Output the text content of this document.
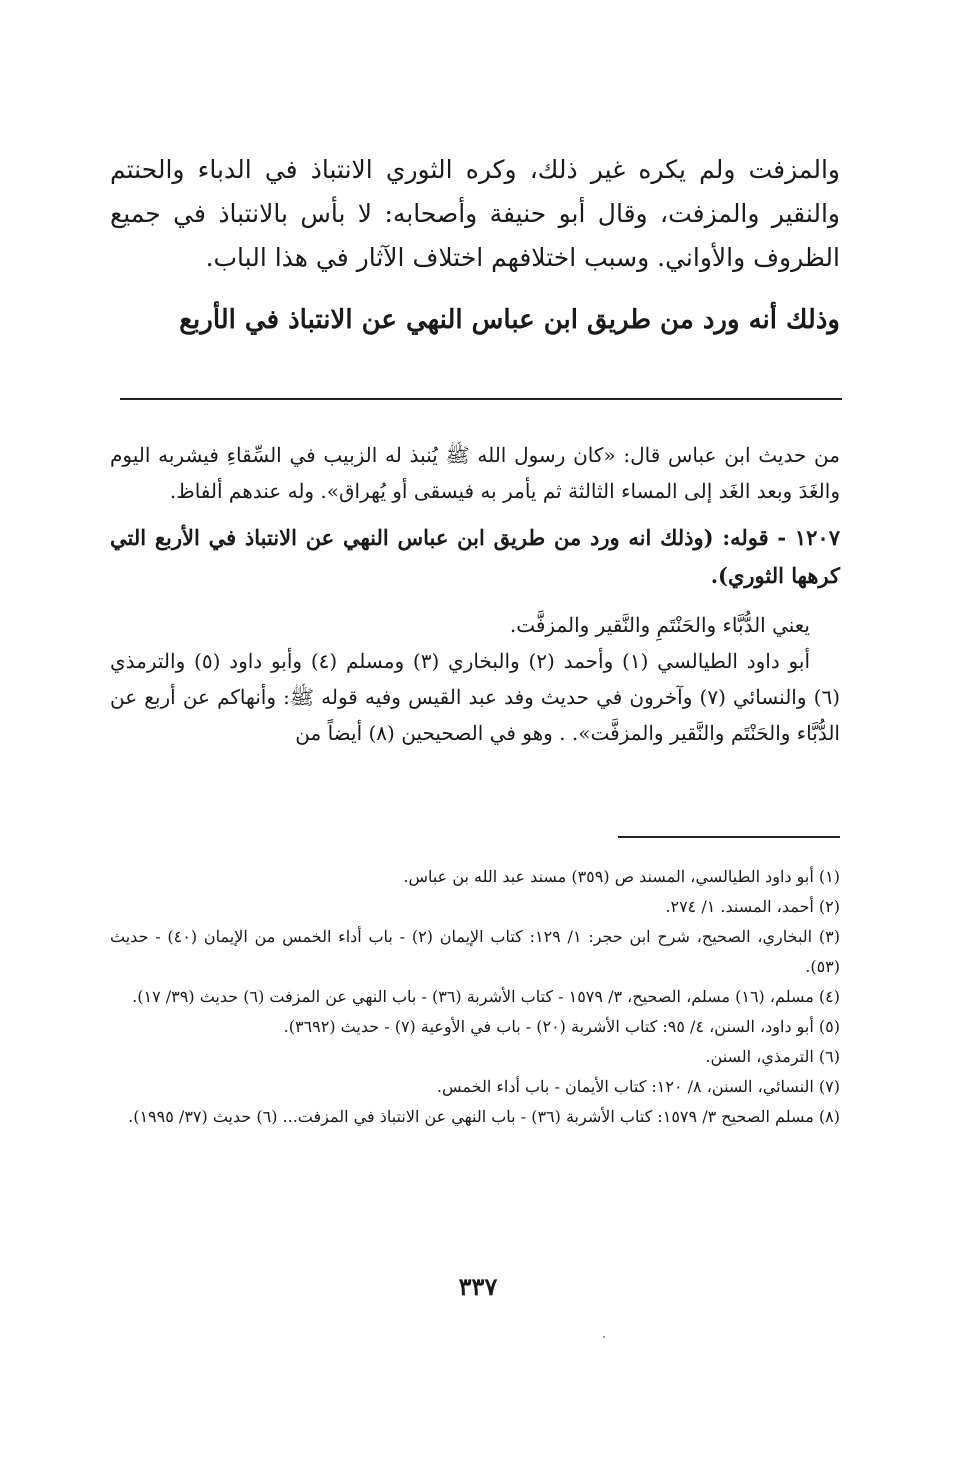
والمزفت ولم يكره غير ذلك، وكره الثوري الانتباذ في الدباء والحنتم والنقير والمزفت، وقال أبو حنيفة وأصحابه: لا بأس بالانتباذ في جميع الظروف والأواني. وسبب اختلافهم اختلاف الآثار في هذا الباب.

وذلك أنه ورد من طريق ابن عباس النهي عن الانتباذ في الأربع

من حديث ابن عباس قال: «كان رسول الله ﷺ يُنبذ له الزبيب في السِّقاءِ فيشربه اليوم والغَدَ وبعد الغَد إلى المساء الثالثة ثم يأمر به فيسقى أو يُهراق». وله عندهم ألفاظ.

١٢٠٧ - قوله: (وذلك انه ورد من طريق ابن عباس النهي عن الانتباذ في الأربع التي كرهها الثوري).

يعني الدُّبَّاء والحَنْتَمِ والنَّقير والمزفَّت.

أبو داود الطيالسي (١) وأحمد (٢) والبخاري (٣) ومسلم (٤) وأبو داود (٥) والترمذي (٦) والنسائي (٧) وآخرون في حديث وفد عبد القيس وفيه قوله ﷺ: وأنهاكم عن أربع عن الدُّبَّاء والحَنْتَم والنَّقير والمزفَّت». . وهو في الصحيحين (٨) أيضاً من

(١) أبو داود الطيالسي، المسند ص (٣٥٩) مسند عبد الله بن عباس.

(٢) أحمد، المسند. ١/ ٢٧٤.

(٣) البخاري، الصحيح، شرح ابن حجر: ١/ ١٢٩: كتاب الإيمان (٢) - باب أداء الخمس من الإيمان (٤٠) - حديث (٥٣).

(٤) مسلم، (١٦) مسلم، الصحيح، ٣/ ١٥٧٩ - كتاب الأشربة (٣٦) - باب النهي عن المزفت (٦) حديث (٣٩/ ١٧).

(٥) أبو داود، السنن، ٤/ ٩٥: كتاب الأشربة (٢٠) - باب في الأوعية (٧) - حديث (٣٦٩٢).

(٦) الترمذي، السنن.

(٧) النسائي، السنن، ٨/ ١٢٠: كتاب الأيمان - باب أداء الخمس.

(٨) مسلم الصحيح ٣/ ١٥٧٩: كتاب الأشربة (٣٦) - باب النهي عن الانتباذ في المزفت... (٦) حديث (٣٧/ ١٩٩٥).

٣٣٧
